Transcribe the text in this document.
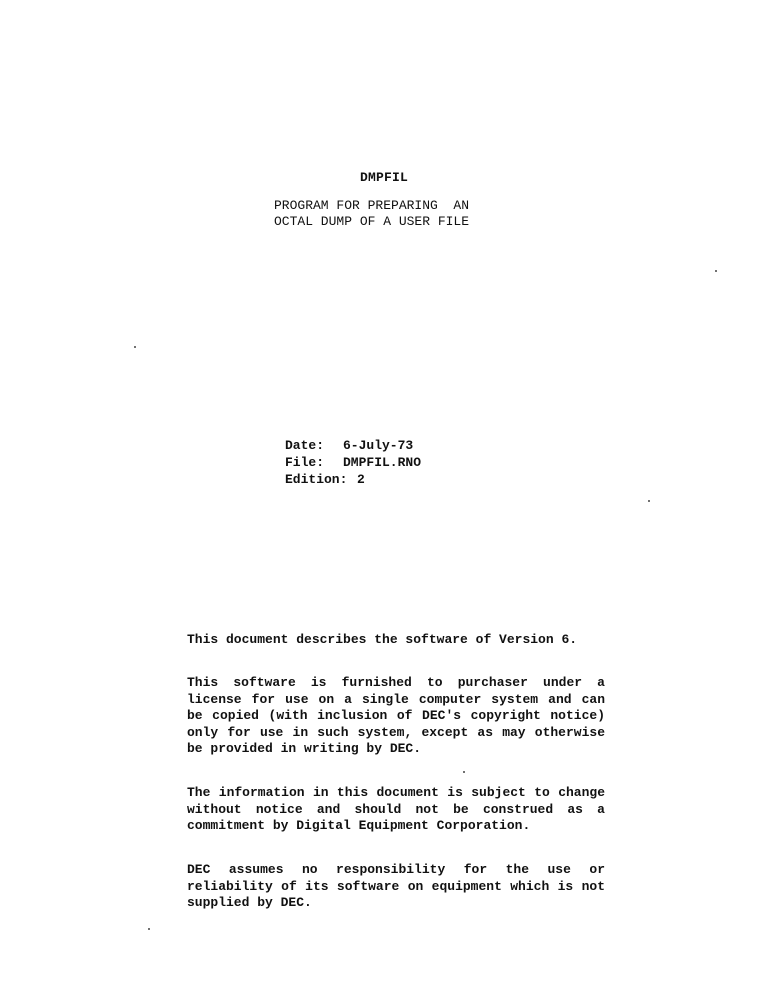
DMPFIL
PROGRAM FOR PREPARING  AN
OCTAL DUMP OF A USER FILE
Date:	6-July-73
File:	DMPFIL.RNO
Edition: 2
This document describes the software of Version 6.
This software is furnished to purchaser under a license for use on a single computer system and can be copied (with inclusion of DEC's copyright notice) only for use in such system, except as may otherwise be provided in writing by DEC.
The information in this document is subject to change without notice and should not be construed as a commitment by Digital Equipment Corporation.
DEC assumes no responsibility for the use or reliability of its software on equipment which is not supplied by DEC.
